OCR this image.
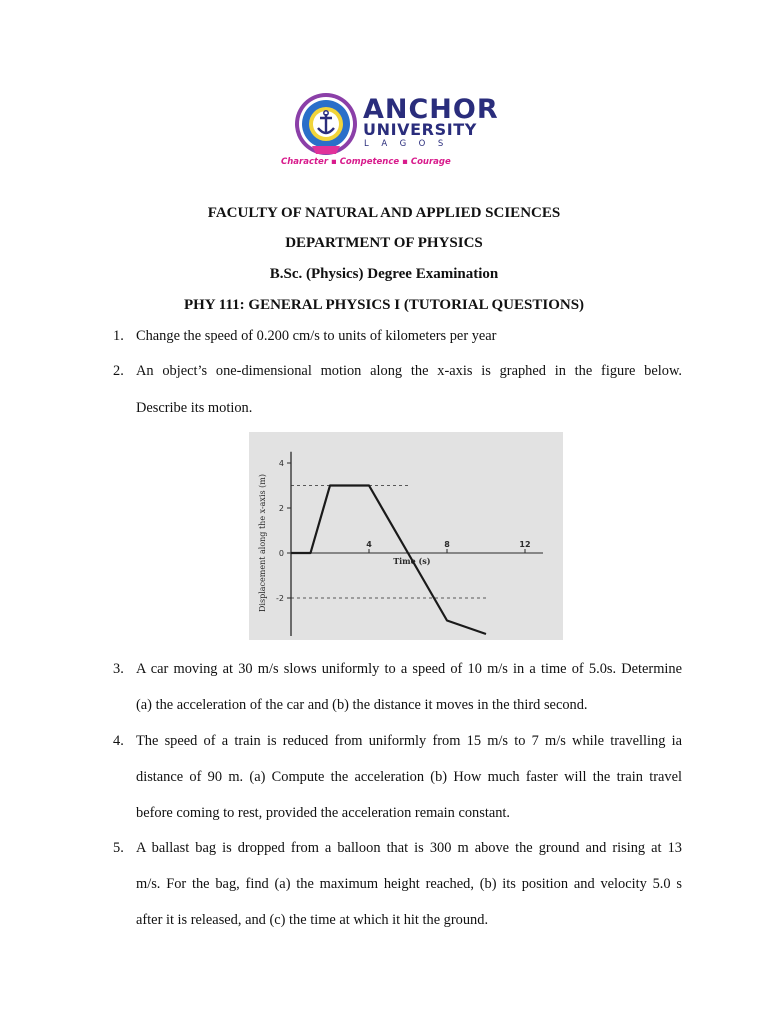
ANCHOR
UNIVERSITY
LAGOS
Character ▪ Competence ▪ Courage
FACULTY OF NATURAL AND APPLIED SCIENCES
DEPARTMENT OF PHYSICS
B.Sc. (Physics) Degree Examination
PHY 111: GENERAL PHYSICS I (TUTORIAL QUESTIONS)
1. Change the speed of 0.200 cm/s to units of kilometers per year
2. An object’s one-dimensional motion along the x-axis is graphed in the figure below.
Describe its motion.
4
2
0
-2
4	8	12
Time (s)
Displacement along the x-axis (m)
3. A car moving at 30 m/s slows uniformly to a speed of 10 m/s in a time of 5.0s. Determine
(a) the acceleration of the car and (b) the distance it moves in the third second.
4. The speed of a train is reduced from uniformly from 15 m/s to 7 m/s while travelling ia
distance of 90 m. (a) Compute the acceleration (b) How much faster will the train travel
before coming to rest, provided the acceleration remain constant.
5. A ballast bag is dropped from a balloon that is 300 m above the ground and rising at 13
m/s. For the bag, find (a) the maximum height reached, (b) its position and velocity 5.0 s
after it is released, and (c) the time at which it hit the ground.
